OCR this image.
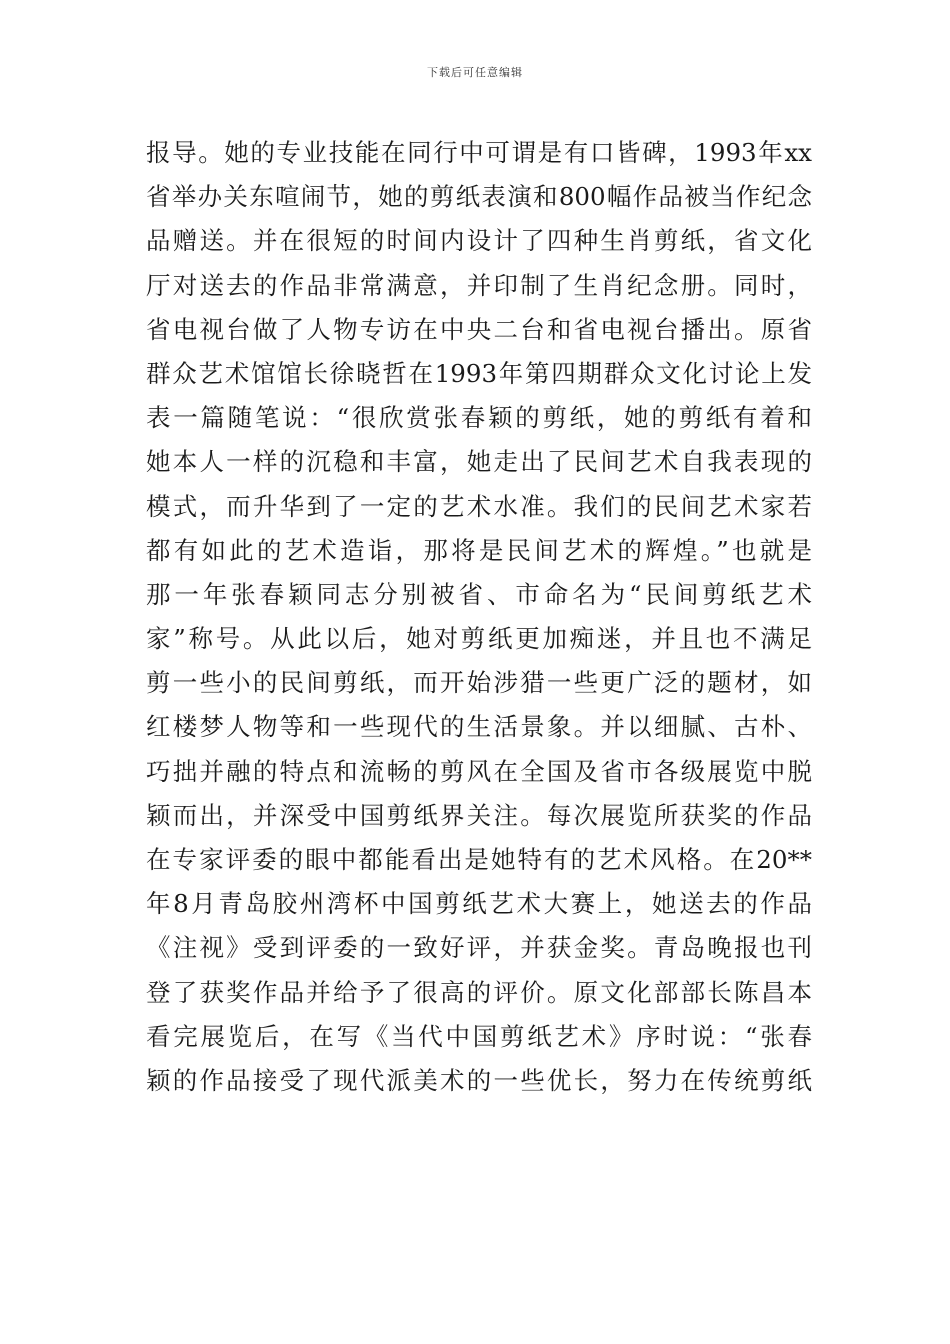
下载后可任意编辑
报导。她的专业技能在同行中可谓是有口皆碑，1993年xx
省举办关东喧闹节，她的剪纸表演和800幅作品被当作纪念
品赠送。并在很短的时间内设计了四种生肖剪纸，省文化
厅对送去的作品非常满意，并印制了生肖纪念册。同时，
省电视台做了人物专访在中央二台和省电视台播出。原省
群众艺术馆馆长徐晓哲在1993年第四期群众文化讨论上发
表一篇随笔说：“很欣赏张春颖的剪纸，她的剪纸有着和
她本人一样的沉稳和丰富，她走出了民间艺术自我表现的
模式，而升华到了一定的艺术水准。我们的民间艺术家若
都有如此的艺术造诣，那将是民间艺术的辉煌。”也就是
那一年张春颖同志分别被省、市命名为“民间剪纸艺术
家”称号。从此以后，她对剪纸更加痴迷，并且也不满足
剪一些小的民间剪纸，而开始涉猎一些更广泛的题材，如
红楼梦人物等和一些现代的生活景象。并以细腻、古朴、
巧拙并融的特点和流畅的剪风在全国及省市各级展览中脱
颖而出，并深受中国剪纸界关注。每次展览所获奖的作品
在专家评委的眼中都能看出是她特有的艺术风格。在20**
年8月青岛胶州湾杯中国剪纸艺术大赛上，她送去的作品
《注视》受到评委的一致好评，并获金奖。青岛晚报也刊
登了获奖作品并给予了很高的评价。原文化部部长陈昌本
看完展览后，在写《当代中国剪纸艺术》序时说：“张春
颖的作品接受了现代派美术的一些优长，努力在传统剪纸
